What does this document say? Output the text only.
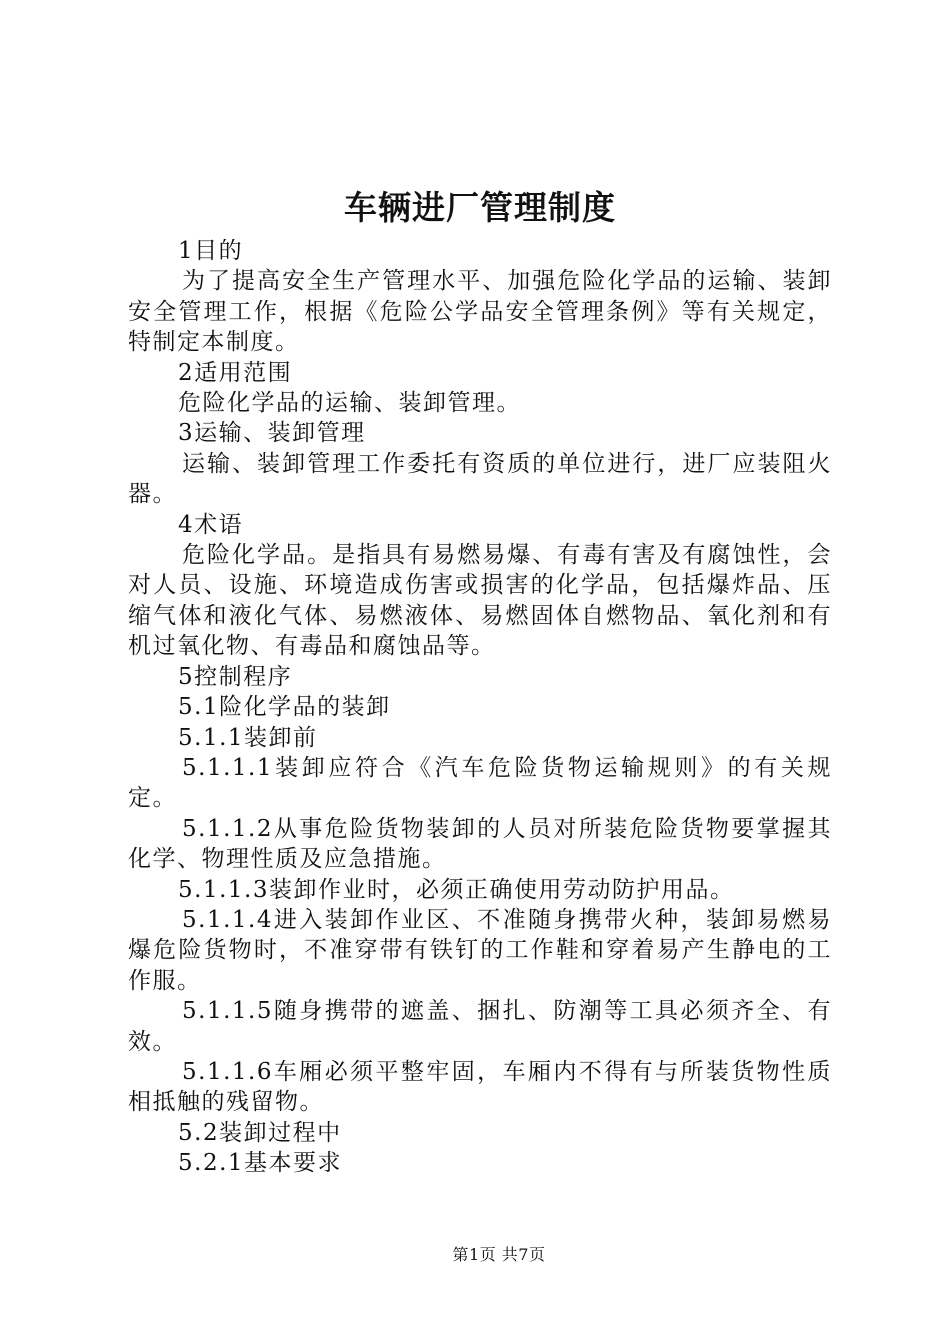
车辆进厂管理制度

1目的

为了提高安全生产管理水平、加强危险化学品的运输、装卸安全管理工作，根据《危险公学品安全管理条例》等有关规定，特制定本制度。

2适用范围

危险化学品的运输、装卸管理。

3运输、装卸管理

运输、装卸管理工作委托有资质的单位进行，进厂应装阻火器。

4术语

危险化学品。是指具有易燃易爆、有毒有害及有腐蚀性，会对人员、设施、环境造成伤害或损害的化学品，包括爆炸品、压缩气体和液化气体、易燃液体、易燃固体自燃物品、氧化剂和有机过氧化物、有毒品和腐蚀品等。

5控制程序

5.1险化学品的装卸

5.1.1装卸前

5.1.1.1装卸应符合《汽车危险货物运输规则》的有关规定。

5.1.1.2从事危险货物装卸的人员对所装危险货物要掌握其化学、物理性质及应急措施。

5.1.1.3装卸作业时，必须正确使用劳动防护用品。

5.1.1.4进入装卸作业区、不准随身携带火种，装卸易燃易爆危险货物时，不准穿带有铁钉的工作鞋和穿着易产生静电的工作服。

5.1.1.5随身携带的遮盖、捆扎、防潮等工具必须齐全、有效。

5.1.1.6车厢必须平整牢固，车厢内不得有与所装货物性质相抵触的残留物。

5.2装卸过程中

5.2.1基本要求

第1页 共7页
